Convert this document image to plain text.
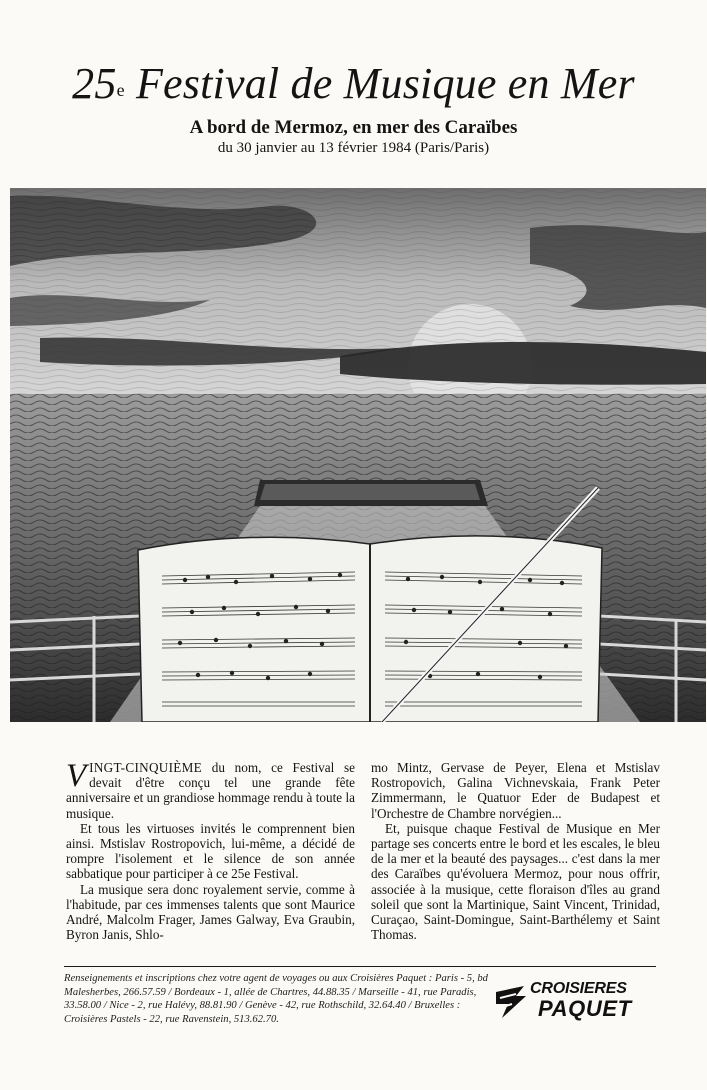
25e Festival de Musique en Mer
A bord de Mermoz, en mer des Caraïbes
du 30 janvier au 13 février 1984 (Paris/Paris)

VINGT-CINQUIÈME du nom, ce Festival se devait d'être conçu tel une grande fête anniversaire et un grandiose hommage rendu à toute la musique.

Et tous les virtuoses invités le comprennent bien ainsi. Mstislav Rostropovich, lui-même, a décidé de rompre l'isolement et le silence de son année sabbatique pour participer à ce 25e Festival.

La musique sera donc royalement servie, comme à l'habitude, par ces immenses talents que sont Maurice André, Malcolm Frager, James Galway, Eva Graubin, Byron Janis, Shlo-

mo Mintz, Gervase de Peyer, Elena et Mstislav Rostropovich, Galina Vichnevskaia, Frank Peter Zimmermann, le Quatuor Eder de Budapest et l'Orchestre de Chambre norvégien...

Et, puisque chaque Festival de Musique en Mer partage ses concerts entre le bord et les escales, le bleu de la mer et la beauté des paysages... c'est dans la mer des Caraïbes qu'évoluera Mermoz, pour nous offrir, associée à la musique, cette floraison d'îles au grand soleil que sont la Martinique, Saint Vincent, Trinidad, Curaçao, Saint-Domingue, Saint-Barthélemy et Saint Thomas.

Renseignements et inscriptions chez votre agent de voyages ou aux Croisières Paquet : Paris - 5, bd Malesherbes, 266.57.59 / Bordeaux - 1, allée de Chartres, 44.88.35 / Marseille - 41, rue Paradis, 33.58.00 / Nice - 2, rue Halévy, 88.81.90 / Genève - 42, rue Rothschild, 32.64.40 / Bruxelles : Croisières Pastels - 22, rue Ravenstein, 513.62.70.
CROISIERES
PAQUET
